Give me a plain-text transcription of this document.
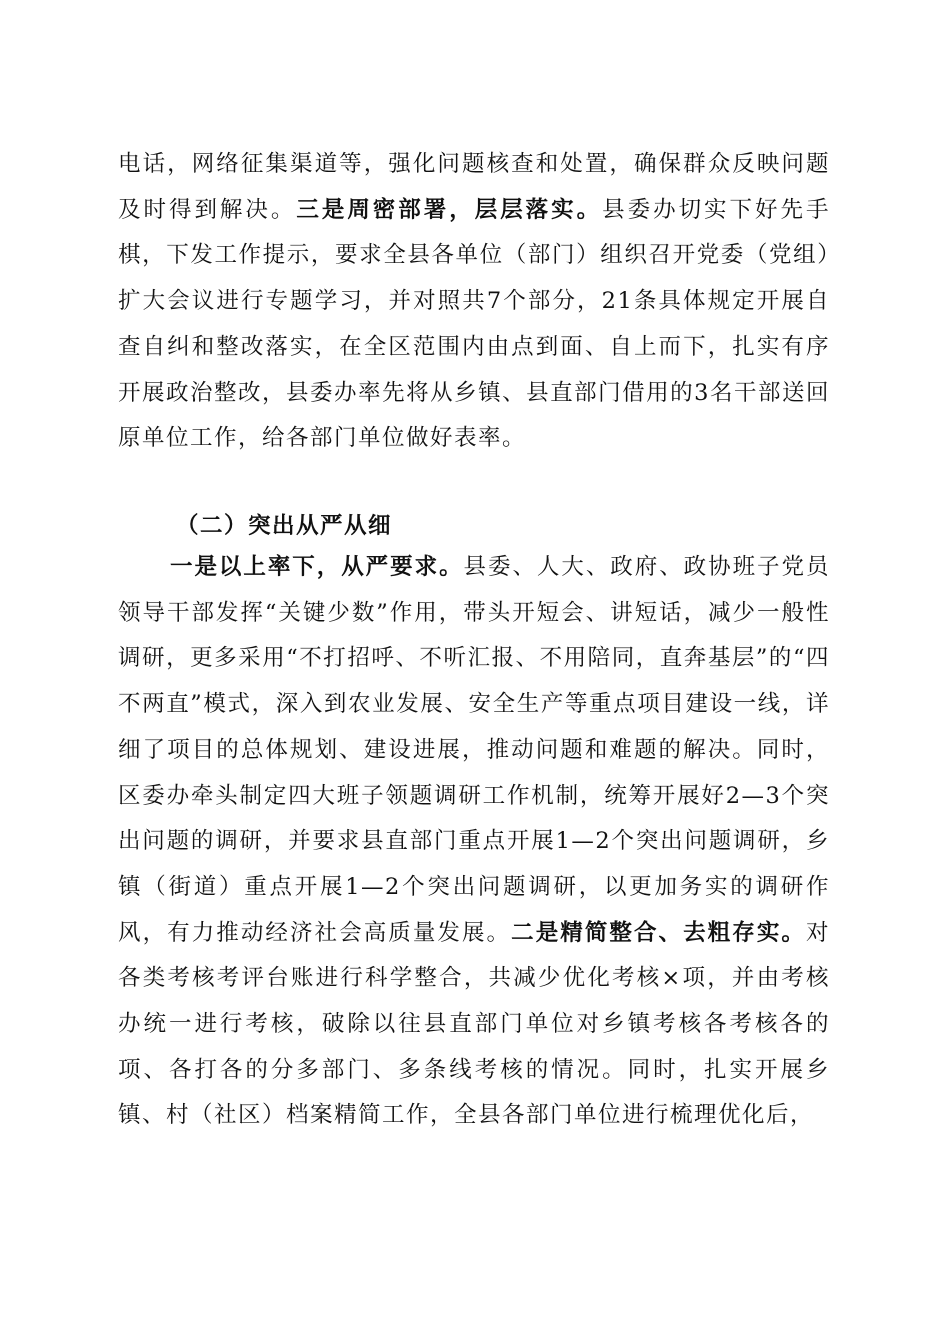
电话，网络征集渠道等，强化问题核查和处置，确保群众反映问题及时得到解决。三是周密部署，层层落实。县委办切实下好先手棋，下发工作提示，要求全县各单位（部门）组织召开党委（党组）扩大会议进行专题学习，并对照共7个部分，21条具体规定开展自查自纠和整改落实，在全区范围内由点到面、自上而下，扎实有序开展政治整改，县委办率先将从乡镇、县直部门借用的3名干部送回原单位工作，给各部门单位做好表率。

（二）突出从严从细

一是以上率下，从严要求。县委、人大、政府、政协班子党员领导干部发挥“关键少数”作用，带头开短会、讲短话，减少一般性调研，更多采用“不打招呼、不听汇报、不用陪同，直奔基层”的“四不两直”模式，深入到农业发展、安全生产等重点项目建设一线，详细了项目的总体规划、建设进展，推动问题和难题的解决。同时，区委办牵头制定四大班子领题调研工作机制，统筹开展好2—3个突出问题的调研，并要求县直部门重点开展1—2个突出问题调研，乡镇（街道）重点开展1—2个突出问题调研，以更加务实的调研作风，有力推动经济社会高质量发展。二是精简整合、去粗存实。对各类考核考评台账进行科学整合，共减少优化考核×项，并由考核办统一进行考核，破除以往县直部门单位对乡镇考核各考核各的项、各打各的分多部门、多条线考核的情况。同时，扎实开展乡镇、村（社区）档案精简工作，全县各部门单位进行梳理优化后，
